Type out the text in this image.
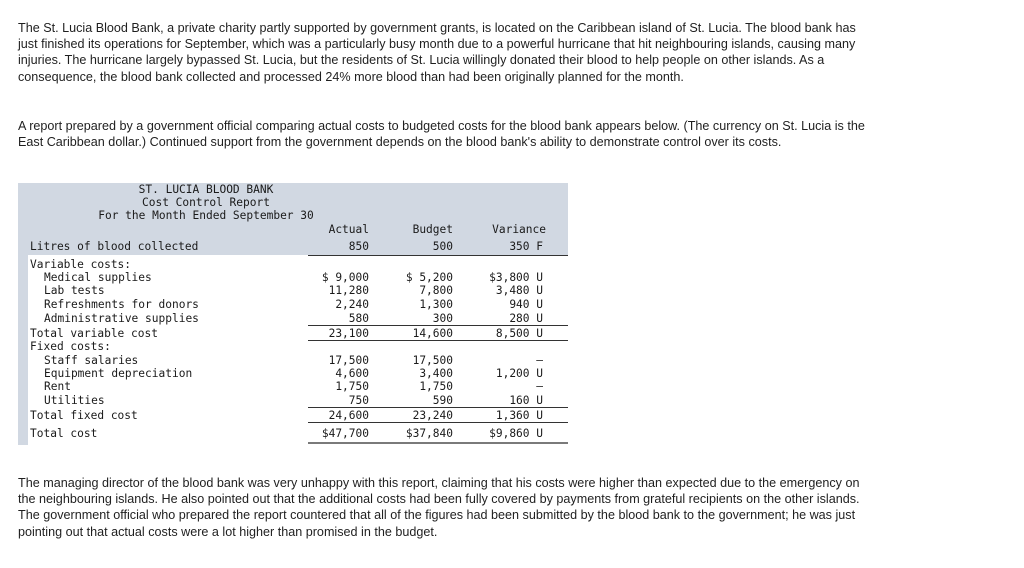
The St. Lucia Blood Bank, a private charity partly supported by government grants, is located on the Caribbean island of St. Lucia. The blood bank has just finished its operations for September, which was a particularly busy month due to a powerful hurricane that hit neighbouring islands, causing many injuries. The hurricane largely bypassed St. Lucia, but the residents of St. Lucia willingly donated their blood to help people on other islands. As a consequence, the blood bank collected and processed 24% more blood than had been originally planned for the month.

A report prepared by a government official comparing actual costs to budgeted costs for the blood bank appears below. (The currency on St. Lucia is the East Caribbean dollar.) Continued support from the government depends on the blood bank's ability to demonstrate control over its costs.

ST. LUCIA BLOOD BANK
Cost Control Report
For the Month Ended September 30
Actual	Budget	Variance
Litres of blood collected	850	500	350 F
Variable costs:
Medical supplies	$ 9,000	$ 5,200	$3,800 U
Lab tests	11,280	7,800	3,480 U
Refreshments for donors	2,240	1,300	940 U
Administrative supplies	580	300	280 U
Total variable cost	23,100	14,600	8,500 U
Fixed costs:
Staff salaries	17,500	17,500	–
Equipment depreciation	4,600	3,400	1,200 U
Rent	1,750	1,750	–
Utilities	750	590	160 U
Total fixed cost	24,600	23,240	1,360 U
Total cost	$47,700	$37,840	$9,860 U

The managing director of the blood bank was very unhappy with this report, claiming that his costs were higher than expected due to the emergency on the neighbouring islands. He also pointed out that the additional costs had been fully covered by payments from grateful recipients on the other islands. The government official who prepared the report countered that all of the figures had been submitted by the blood bank to the government; he was just pointing out that actual costs were a lot higher than promised in the budget.
